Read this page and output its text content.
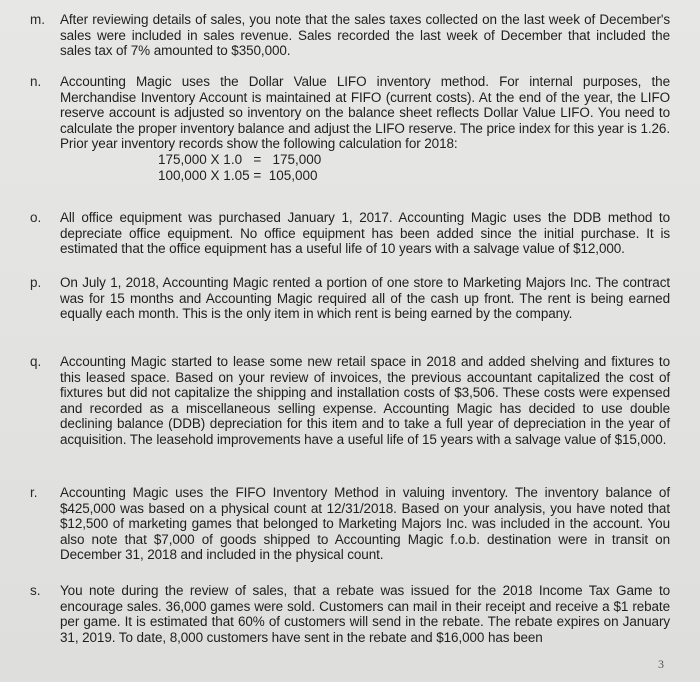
m. After reviewing details of sales, you note that the sales taxes collected on the last week of December's sales were included in sales revenue. Sales recorded the last week of December that included the sales tax of 7% amounted to $350,000.
n. Accounting Magic uses the Dollar Value LIFO inventory method. For internal purposes, the Merchandise Inventory Account is maintained at FIFO (current costs). At the end of the year, the LIFO reserve account is adjusted so inventory on the balance sheet reflects Dollar Value LIFO. You need to calculate the proper inventory balance and adjust the LIFO reserve. The price index for this year is 1.26. Prior year inventory records show the following calculation for 2018:
175,000 X 1.0   =   175,000
100,000 X 1.05 =  105,000
o. All office equipment was purchased January 1, 2017. Accounting Magic uses the DDB method to depreciate office equipment. No office equipment has been added since the initial purchase. It is estimated that the office equipment has a useful life of 10 years with a salvage value of $12,000.
p. On July 1, 2018, Accounting Magic rented a portion of one store to Marketing Majors Inc. The contract was for 15 months and Accounting Magic required all of the cash up front. The rent is being earned equally each month. This is the only item in which rent is being earned by the company.
q. Accounting Magic started to lease some new retail space in 2018 and added shelving and fixtures to this leased space. Based on your review of invoices, the previous accountant capitalized the cost of fixtures but did not capitalize the shipping and installation costs of $3,506. These costs were expensed and recorded as a miscellaneous selling expense. Accounting Magic has decided to use double declining balance (DDB) depreciation for this item and to take a full year of depreciation in the year of acquisition. The leasehold improvements have a useful life of 15 years with a salvage value of $15,000.
r. Accounting Magic uses the FIFO Inventory Method in valuing inventory. The inventory balance of $425,000 was based on a physical count at 12/31/2018. Based on your analysis, you have noted that $12,500 of marketing games that belonged to Marketing Majors Inc. was included in the account. You also note that $7,000 of goods shipped to Accounting Magic f.o.b. destination were in transit on December 31, 2018 and included in the physical count.
s. You note during the review of sales, that a rebate was issued for the 2018 Income Tax Game to encourage sales. 36,000 games were sold. Customers can mail in their receipt and receive a $1 rebate per game. It is estimated that 60% of customers will send in the rebate. The rebate expires on January 31, 2019. To date, 8,000 customers have sent in the rebate and $16,000 has been
3
